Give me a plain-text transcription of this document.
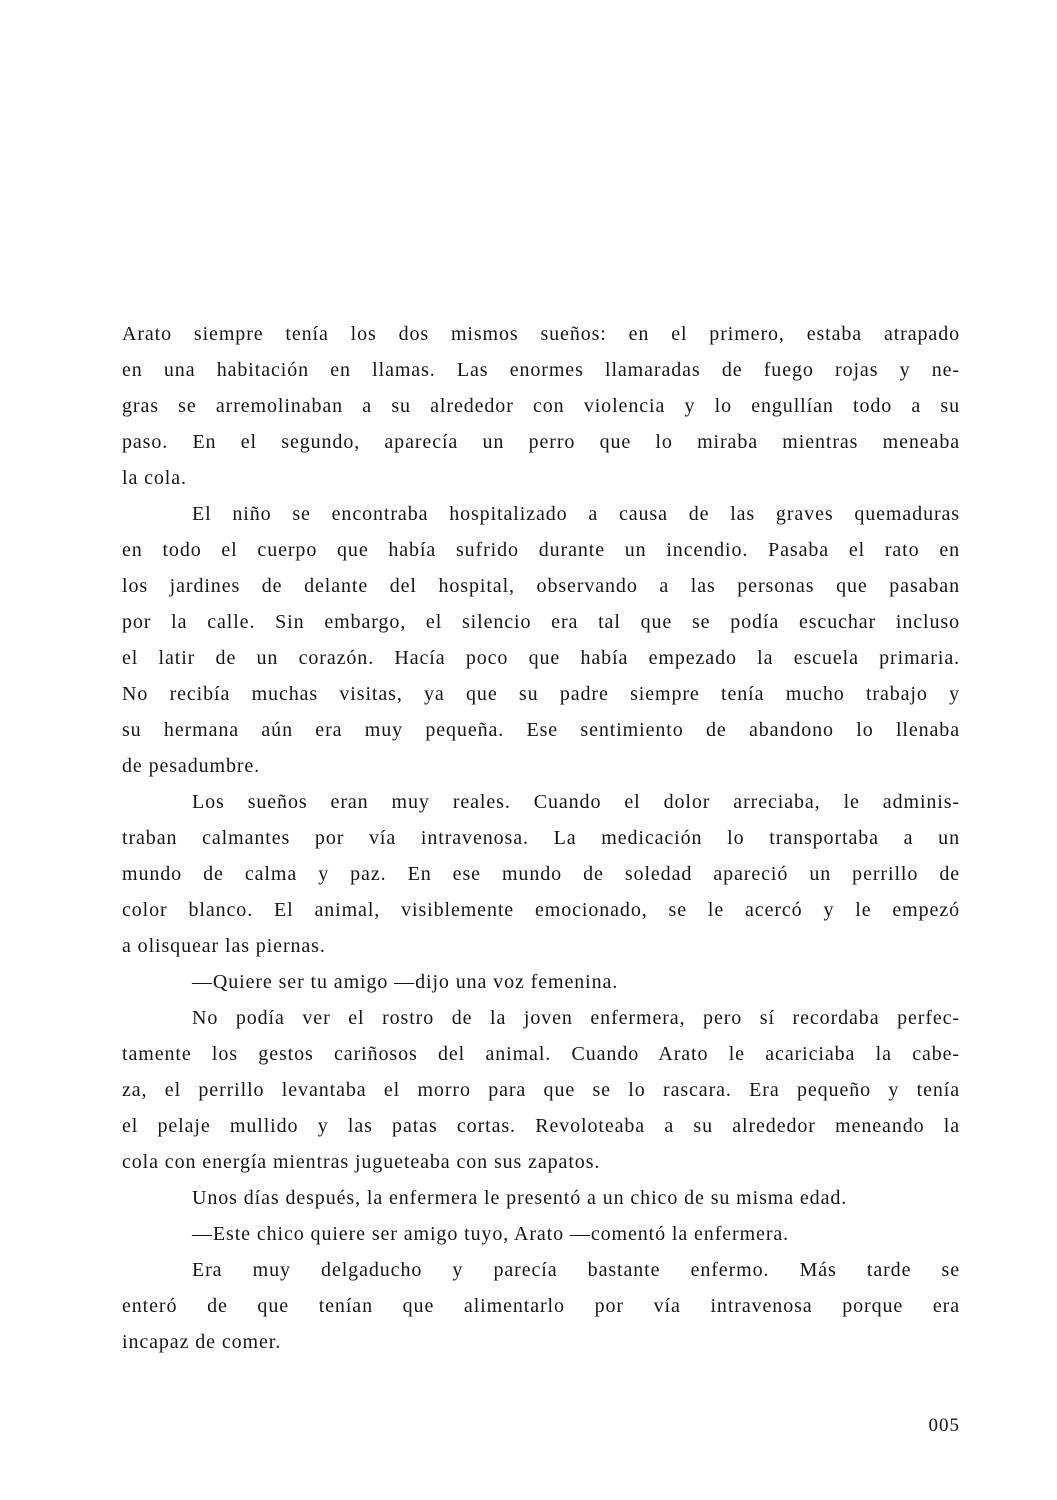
Arato siempre tenía los dos mismos sueños: en el primero, estaba atrapado
en una habitación en llamas. Las enormes llamaradas de fuego rojas y ne-
gras se arremolinaban a su alrededor con violencia y lo engullían todo a su
paso. En el segundo, aparecía un perro que lo miraba mientras meneaba
la cola.

El niño se encontraba hospitalizado a causa de las graves quemaduras
en todo el cuerpo que había sufrido durante un incendio. Pasaba el rato en
los jardines de delante del hospital, observando a las personas que pasaban
por la calle. Sin embargo, el silencio era tal que se podía escuchar incluso
el latir de un corazón. Hacía poco que había empezado la escuela primaria.
No recibía muchas visitas, ya que su padre siempre tenía mucho trabajo y
su hermana aún era muy pequeña. Ese sentimiento de abandono lo llenaba
de pesadumbre.

Los sueños eran muy reales. Cuando el dolor arreciaba, le adminis-
traban calmantes por vía intravenosa. La medicación lo transportaba a un
mundo de calma y paz. En ese mundo de soledad apareció un perrillo de
color blanco. El animal, visiblemente emocionado, se le acercó y le empezó
a olisquear las piernas.

—Quiere ser tu amigo —dijo una voz femenina.

No podía ver el rostro de la joven enfermera, pero sí recordaba perfec-
tamente los gestos cariñosos del animal. Cuando Arato le acariciaba la cabe-
za, el perrillo levantaba el morro para que se lo rascara. Era pequeño y tenía
el pelaje mullido y las patas cortas. Revoloteaba a su alrededor meneando la
cola con energía mientras jugueteaba con sus zapatos.

Unos días después, la enfermera le presentó a un chico de su misma edad.

—Este chico quiere ser amigo tuyo, Arato —comentó la enfermera.

Era muy delgaducho y parecía bastante enfermo. Más tarde se
enteró de que tenían que alimentarlo por vía intravenosa porque era
incapaz de comer.

005
